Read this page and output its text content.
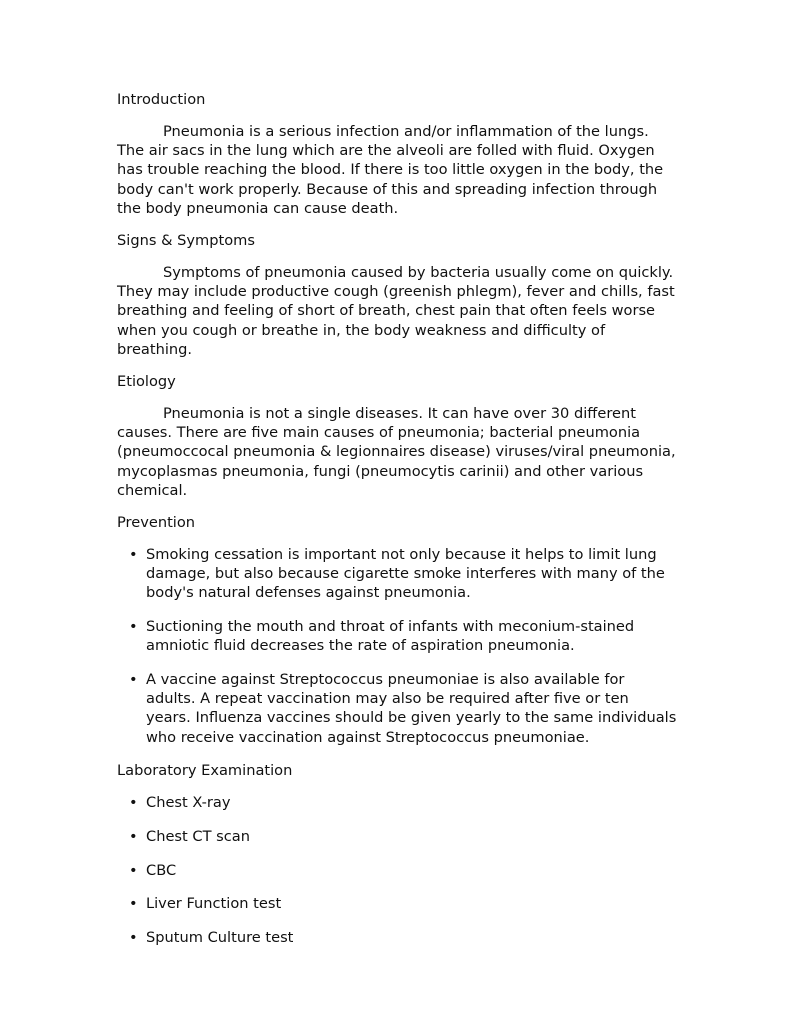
Introduction

Pneumonia is a serious infection and/or inflammation of the lungs. The air sacs in the lung which are the alveoli are folled with fluid. Oxygen has trouble reaching the blood. If there is too little oxygen in the body, the body can't work properly. Because of this and spreading infection through the body pneumonia can cause death.

Signs & Symptoms

Symptoms of pneumonia caused by bacteria usually come on quickly. They may include productive cough (greenish phlegm), fever and chills, fast breathing and feeling of short of breath, chest pain that often feels worse when you cough or breathe in, the body weakness and difficulty of breathing.

Etiology

Pneumonia is not a single diseases. It can have over 30 different causes. There are five main causes of pneumonia; bacterial pneumonia (pneumoccocal pneumonia & legionnaires disease) viruses/viral pneumonia, mycoplasmas pneumonia, fungi (pneumocytis carinii) and other various chemical.

Prevention
• Smoking cessation is important not only because it helps to limit lung damage, but also because cigarette smoke interferes with many of the body's natural defenses against pneumonia.
• Suctioning the mouth and throat of infants with meconium-stained amniotic fluid decreases the rate of aspiration pneumonia.
• A vaccine against Streptococcus pneumoniae is also available for adults. A repeat vaccination may also be required after five or ten years. Influenza vaccines should be given yearly to the same individuals who receive vaccination against Streptococcus pneumoniae.
Laboratory Examination
• Chest X-ray
• Chest CT scan
• CBC
• Liver Function test
• Sputum Culture test
